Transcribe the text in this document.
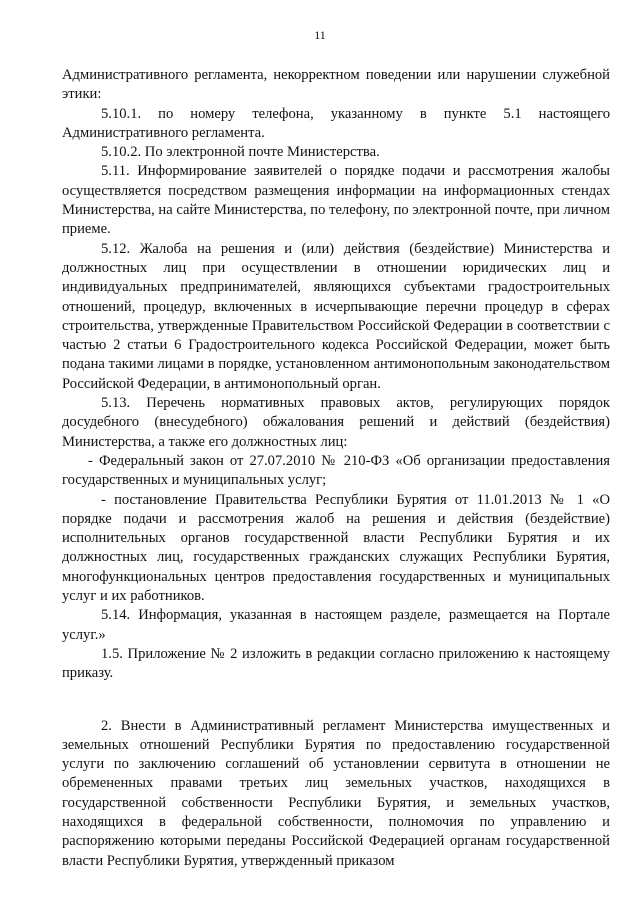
11

Административного регламента, некорректном поведении или нарушении служебной этики:

5.10.1. по номеру телефона, указанному в пункте 5.1 настоящего Административного регламента.

5.10.2. По электронной почте Министерства.

5.11. Информирование заявителей о порядке подачи и рассмотрения жалобы осуществляется посредством размещения информации на информационных стендах Министерства, на сайте Министерства, по телефону, по электронной почте, при личном приеме.

5.12. Жалоба на решения и (или) действия (бездействие) Министерства и должностных лиц при осуществлении в отношении юридических лиц и индивидуальных предпринимателей, являющихся субъектами градостроительных отношений, процедур, включенных в исчерпывающие перечни процедур в сферах строительства, утвержденные Правительством Российской Федерации в соответствии с частью 2 статьи 6 Градостроительного кодекса Российской Федерации, может быть подана такими лицами в порядке, установленном антимонопольным законодательством Российской Федерации, в антимонопольный орган.

5.13. Перечень нормативных правовых актов, регулирующих порядок досудебного (внесудебного) обжалования решений и действий (бездействия) Министерства, а также его должностных лиц:

- Федеральный закон от 27.07.2010 № 210-ФЗ «Об организации предоставления государственных и муниципальных услуг;

- постановление Правительства Республики Бурятия от 11.01.2013 № 1 «О порядке подачи и рассмотрения жалоб на решения и действия (бездействие) исполнительных органов государственной власти Республики Бурятия и их должностных лиц, государственных гражданских служащих Республики Бурятия, многофункциональных центров предоставления государственных и муниципальных услуг и их работников.

5.14. Информация, указанная в настоящем разделе, размещается на Портале услуг.»

1.5. Приложение № 2 изложить в редакции согласно приложению к настоящему приказу.

2. Внести в Административный регламент Министерства имущественных и земельных отношений Республики Бурятия по предоставлению государственной услуги по заключению соглашений об установлении сервитута в отношении не обремененных правами третьих лиц земельных участков, находящихся в государственной собственности Республики Бурятия, и земельных участков, находящихся в федеральной собственности, полномочия по управлению и распоряжению которыми переданы Российской Федерацией органам государственной власти Республики Бурятия, утвержденный приказом
